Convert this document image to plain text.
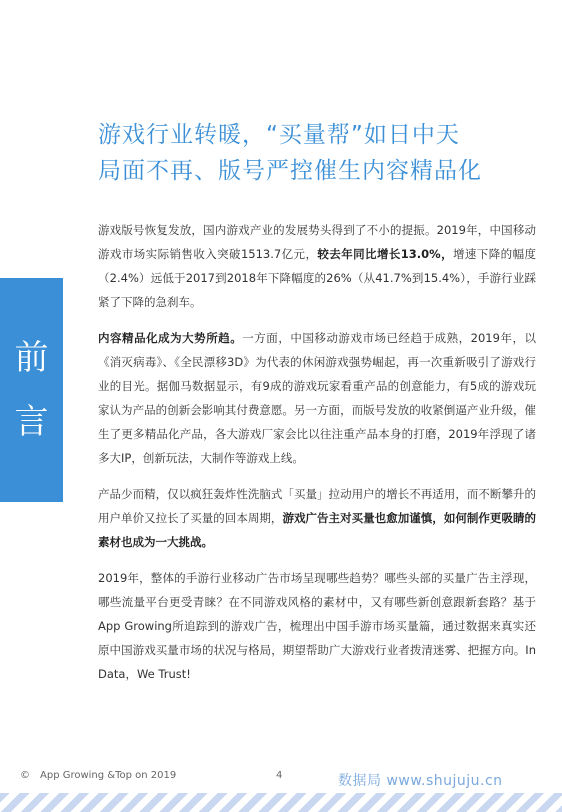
游戏行业转暖，“买量帮”如日中天
局面不再、版号严控催生内容精品化
前
言

游戏版号恢复发放，国内游戏产业的发展势头得到了不小的提振。2019年，中国移动游戏市场实际销售收入突破1513.7亿元，较去年同比增长13.0%，增速下降的幅度（2.4%）远低于2017到2018年下降幅度的26%（从41.7%到15.4%），手游行业踩紧了下降的急刹车。

内容精品化成为大势所趋。一方面，中国移动游戏市场已经趋于成熟，2019年，以《消灭病毒》、《全民漂移3D》为代表的休闲游戏强势崛起，再一次重新吸引了游戏行业的目光。据伽马数据显示，有9成的游戏玩家看重产品的创意能力，有5成的游戏玩家认为产品的创新会影响其付费意愿。另一方面，而版号发放的收紧倒逼产业升级，催生了更多精品化产品，各大游戏厂家会比以往注重产品本身的打磨，2019年浮现了诸多大IP，创新玩法，大制作等游戏上线。

产品少而精，仅以疯狂轰炸性洗脑式「买量」拉动用户的增长不再适用，而不断攀升的用户单价又拉长了买量的回本周期，游戏广告主对买量也愈加谨慎，如何制作更吸睛的素材也成为一大挑战。

2019年，整体的手游行业移动广告市场呈现哪些趋势？哪些头部的买量广告主浮现，哪些流量平台更受青睐？在不同游戏风格的素材中，又有哪些新创意跟新套路？基于App Growing所追踪到的游戏广告，梳理出中国手游市场买量篇，通过数据来真实还原中国游戏买量市场的状况与格局，期望帮助广大游戏行业者拨清迷雾、把握方向。In Data，We Trust!

© App Growing &Top on 2019	4	数据局 www.shujuju.cn
